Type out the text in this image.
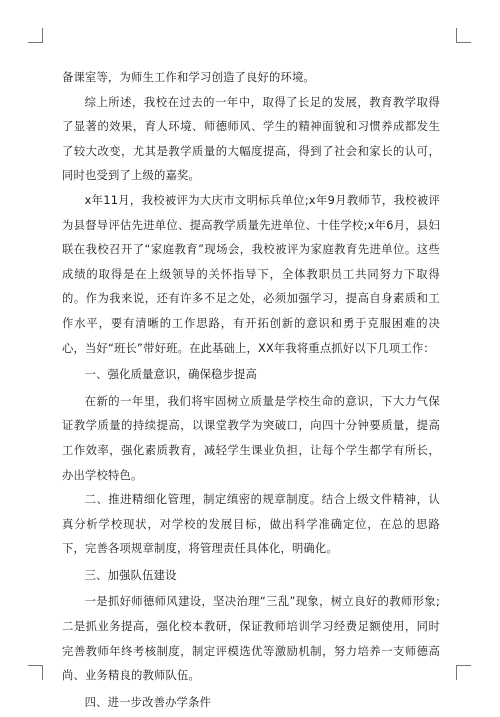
备课室等，为师生工作和学习创造了良好的环境。

综上所述，我校在过去的一年中，取得了长足的发展，教育教学取得了显著的效果，育人环境、师德师风、学生的精神面貌和习惯养成都发生了较大改变，尤其是教学质量的大幅度提高，得到了社会和家长的认可，同时也受到了上级的嘉奖。

x年11月，我校被评为大庆市文明标兵单位;x年9月教师节，我校被评为县督导评估先进单位、提高教学质量先进单位、十佳学校;x年6月，县妇联在我校召开了“家庭教育”现场会，我校被评为家庭教育先进单位。这些成绩的取得是在上级领导的关怀指导下，全体教职员工共同努力下取得的。作为我来说，还有许多不足之处，必须加强学习，提高自身素质和工作水平，要有清晰的工作思路，有开拓创新的意识和勇于克服困难的决心，当好“班长”带好班。在此基础上，XX年我将重点抓好以下几项工作：

一、强化质量意识，确保稳步提高

在新的一年里，我们将牢固树立质量是学校生命的意识，下大力气保证教学质量的持续提高，以课堂教学为突破口，向四十分钟要质量，提高工作效率，强化素质教育，减轻学生课业负担，让每个学生都学有所长，办出学校特色。

二、推进精细化管理，制定缜密的规章制度。结合上级文件精神，认真分析学校现状，对学校的发展目标，做出科学准确定位，在总的思路下，完善各项规章制度，将管理责任具体化，明确化。

三、加强队伍建设

一是抓好师德师风建设，坚决治理“三乱”现象，树立良好的教师形象;二是抓业务提高，强化校本教研，保证教师培训学习经费足额使用，同时完善教师年终考核制度，制定评模选优等激励机制，努力培养一支师德高尚、业务精良的教师队伍。

四、进一步改善办学条件
